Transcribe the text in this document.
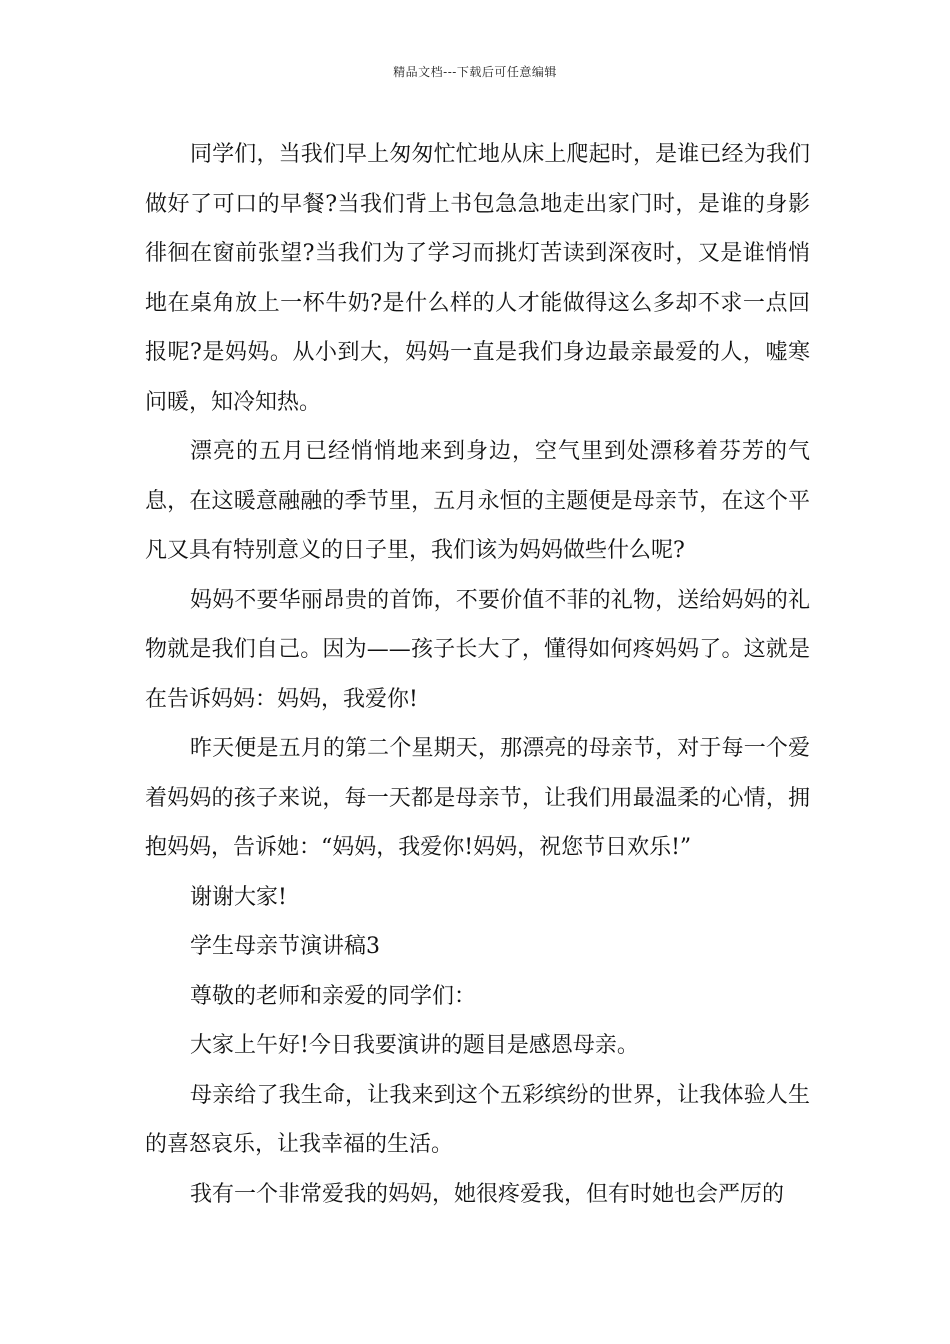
精品文档---下载后可任意编辑

同学们，当我们早上匆匆忙忙地从床上爬起时，是谁已经为我们做好了可口的早餐?当我们背上书包急急地走出家门时，是谁的身影徘徊在窗前张望?当我们为了学习而挑灯苦读到深夜时，又是谁悄悄地在桌角放上一杯牛奶?是什么样的人才能做得这么多却不求一点回报呢?是妈妈。从小到大，妈妈一直是我们身边最亲最爱的人，嘘寒问暖，知冷知热。

漂亮的五月已经悄悄地来到身边，空气里到处漂移着芬芳的气息，在这暖意融融的季节里，五月永恒的主题便是母亲节，在这个平凡又具有特别意义的日子里，我们该为妈妈做些什么呢?

妈妈不要华丽昂贵的首饰，不要价值不菲的礼物，送给妈妈的礼物就是我们自己。因为——孩子长大了，懂得如何疼妈妈了。这就是在告诉妈妈：妈妈，我爱你!

昨天便是五月的第二个星期天，那漂亮的母亲节，对于每一个爱着妈妈的孩子来说，每一天都是母亲节，让我们用最温柔的心情，拥抱妈妈，告诉她：“妈妈，我爱你!妈妈，祝您节日欢乐!”

谢谢大家!

学生母亲节演讲稿3

尊敬的老师和亲爱的同学们：

大家上午好!今日我要演讲的题目是感恩母亲。

母亲给了我生命，让我来到这个五彩缤纷的世界，让我体验人生的喜怒哀乐，让我幸福的生活。

我有一个非常爱我的妈妈，她很疼爱我，但有时她也会严厉的
